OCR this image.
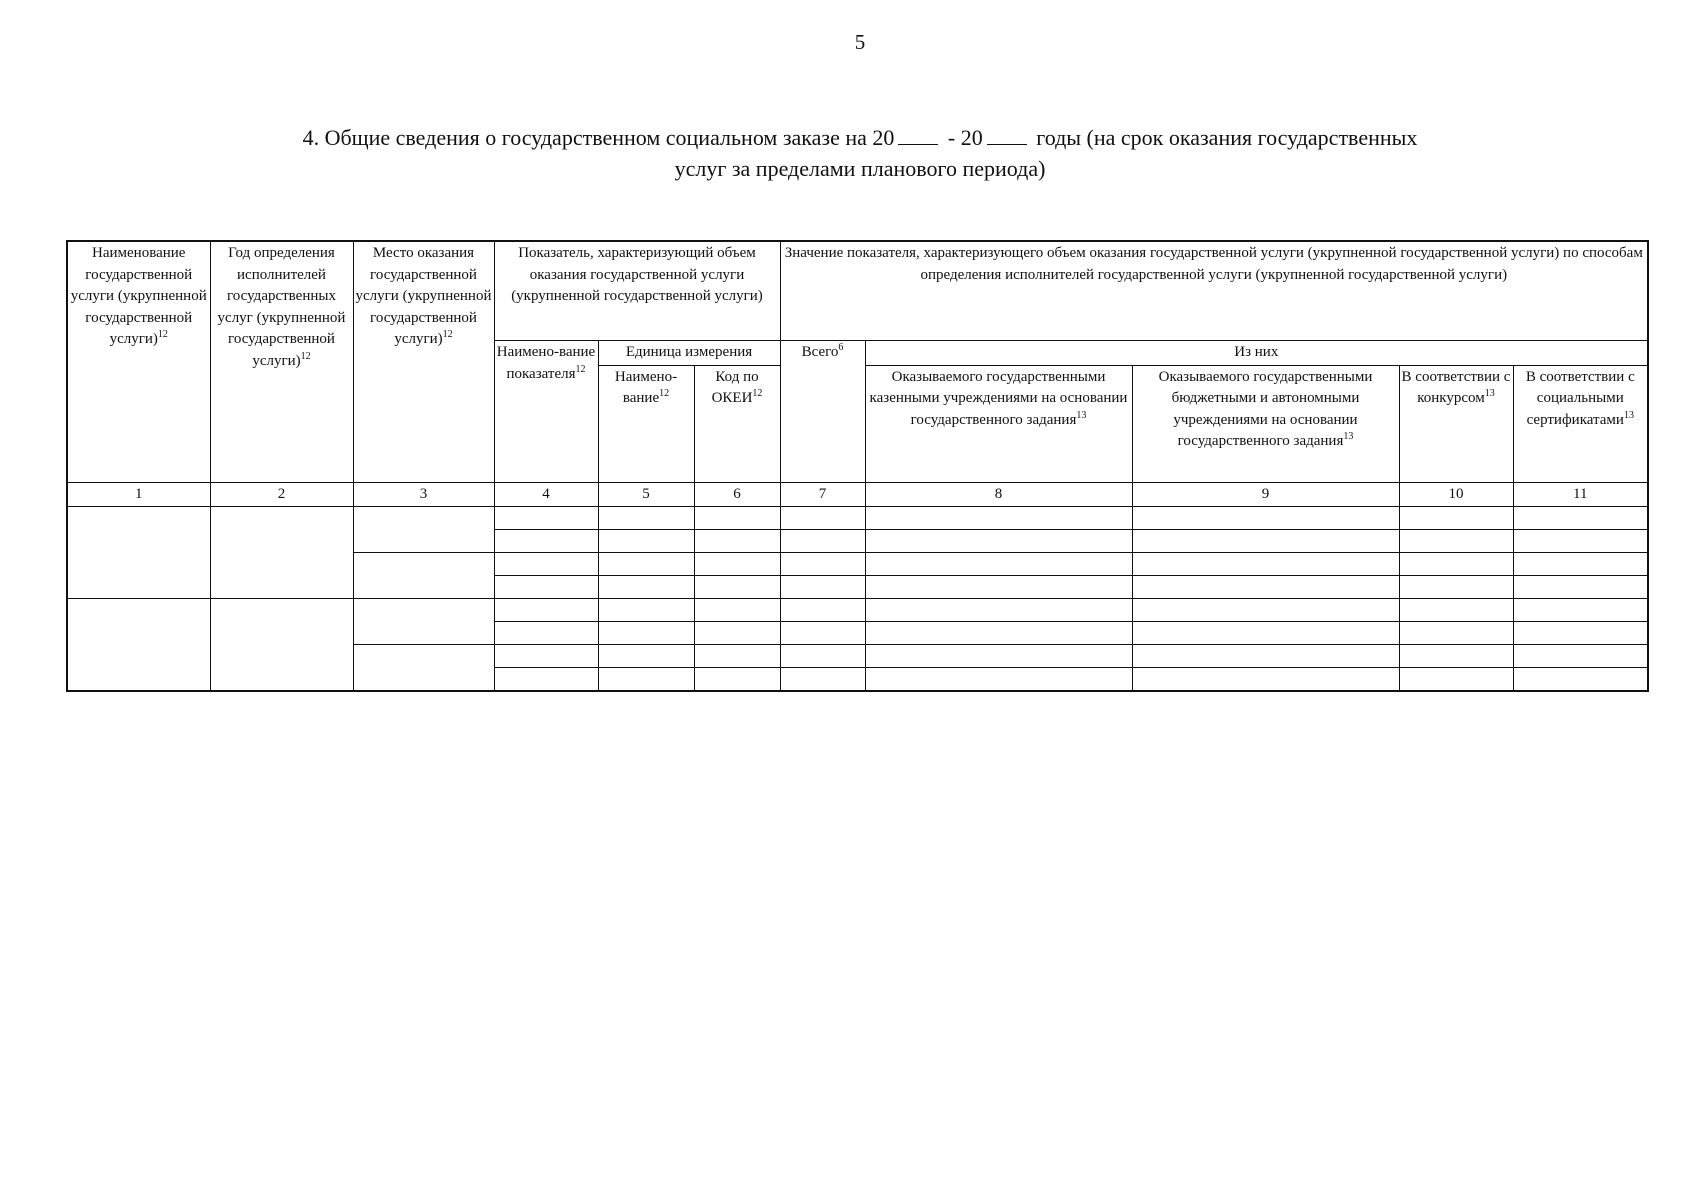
5
4. Общие сведения о государственном социальном заказе на 20 - 20 годы (на срок оказания государственных
услуг за пределами планового периода)
Наименование государственной услуги (укрупненной государственной услуги)$^{12}$	Год определения исполнителей государственных услуг (укрупненной государственной услуги)$^{12}$	Место оказания государственной услуги (укрупненной государственной услуги)$^{12}$	Показатель, характеризующий объем оказания государственной услуги (укрупненной государственной услуги)			Значение показателя, характеризующего объем оказания государственной услуги (укрупненной государственной услуги) по способам определения исполнителей государственной услуги (укрупненной государственной услуги)				
			Наимено-вание показателя$^{12}$	Единица измерения		Всего$^6$	Из них			
				Наимено-вание$^{12}$	Код по ОКЕИ$^{12}$		Оказываемого государственными казенными учреждениями на основании государственного задания$^{13}$	Оказываемого государственными бюджетными и автономными учреждениями на основании государственного задания$^{13}$	В соответствии с конкурсом$^{13}$	В соответствии с социальными сертификатами$^{13}$
1	2	3	4	5	6	7	8	9	10	11
